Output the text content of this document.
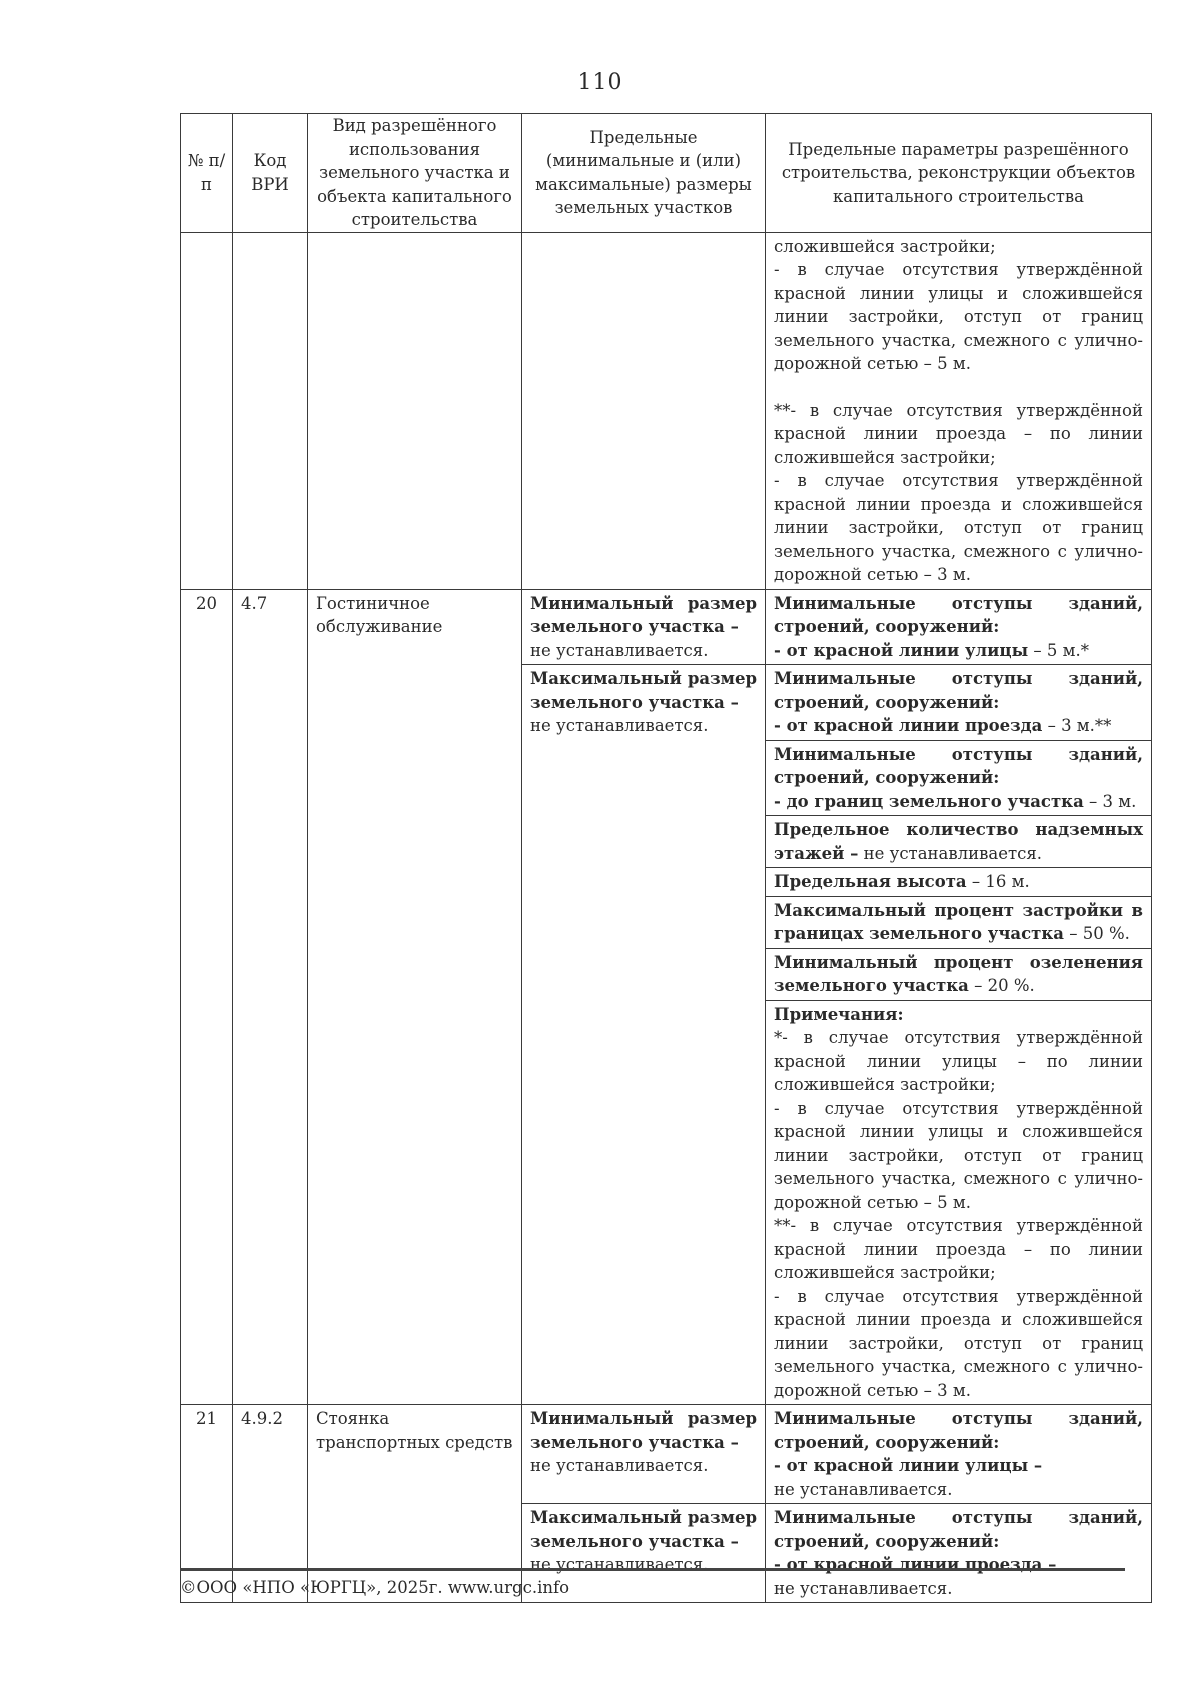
110
№ п/п	Код ВРИ	Вид разрешённого использования земельного участка и объекта капитального строительства	Предельные (минимальные и (или) максимальные) размеры земельных участков	Предельные параметры разрешённого строительства, реконструкции объектов капитального строительства

				сложившейся застройки;
- в случае отсутствия утверждённой красной линии улицы и сложившейся линии застройки, отступ от границ земельного участка, смежного с улично-дорожной сетью – 5 м.
**- в случае отсутствия утверждённой красной линии проезда – по линии сложившейся застройки;
- в случае отсутствия утверждённой красной линии проезда и сложившейся линии застройки, отступ от границ земельного участка, смежного с улично-дорожной сетью – 3 м.

20	4.7	Гостиничное обслуживание	Минимальный размер земельного участка –
не устанавливается.	Минимальные отступы зданий, строений, сооружений:
- от красной линии улицы – 5 м.*
			Максимальный размер земельного участка –
не устанавливается.	Минимальные отступы зданий, строений, сооружений:
- от красной линии проезда – 3 м.**
				Минимальные отступы зданий, строений, сооружений:
- до границ земельного участка – 3 м.
				Предельное количество надземных этажей – не устанавливается.
				Предельная высота – 16 м.
				Максимальный процент застройки в границах земельного участка – 50 %.
				Минимальный процент озеленения земельного участка – 20 %.

				Примечания:
*- в случае отсутствия утверждённой красной линии улицы – по линии сложившейся застройки;
- в случае отсутствия утверждённой красной линии улицы и сложившейся линии застройки, отступ от границ земельного участка, смежного с улично-дорожной сетью – 5 м.
**- в случае отсутствия утверждённой красной линии проезда – по линии сложившейся застройки;
- в случае отсутствия утверждённой красной линии проезда и сложившейся линии застройки, отступ от границ земельного участка, смежного с улично-дорожной сетью – 3 м.

21	4.9.2	Стоянка транспортных средств	Минимальный размер земельного участка –
не устанавливается.	Минимальные отступы зданий, строений, сооружений:
- от красной линии улицы –
не устанавливается.
			Максимальный размер земельного участка –
не устанавливается.	Минимальные отступы зданий, строений, сооружений:
- от красной линии проезда –
не устанавливается.
©ООО «НПО «ЮРГЦ», 2025г. www.urgc.info
